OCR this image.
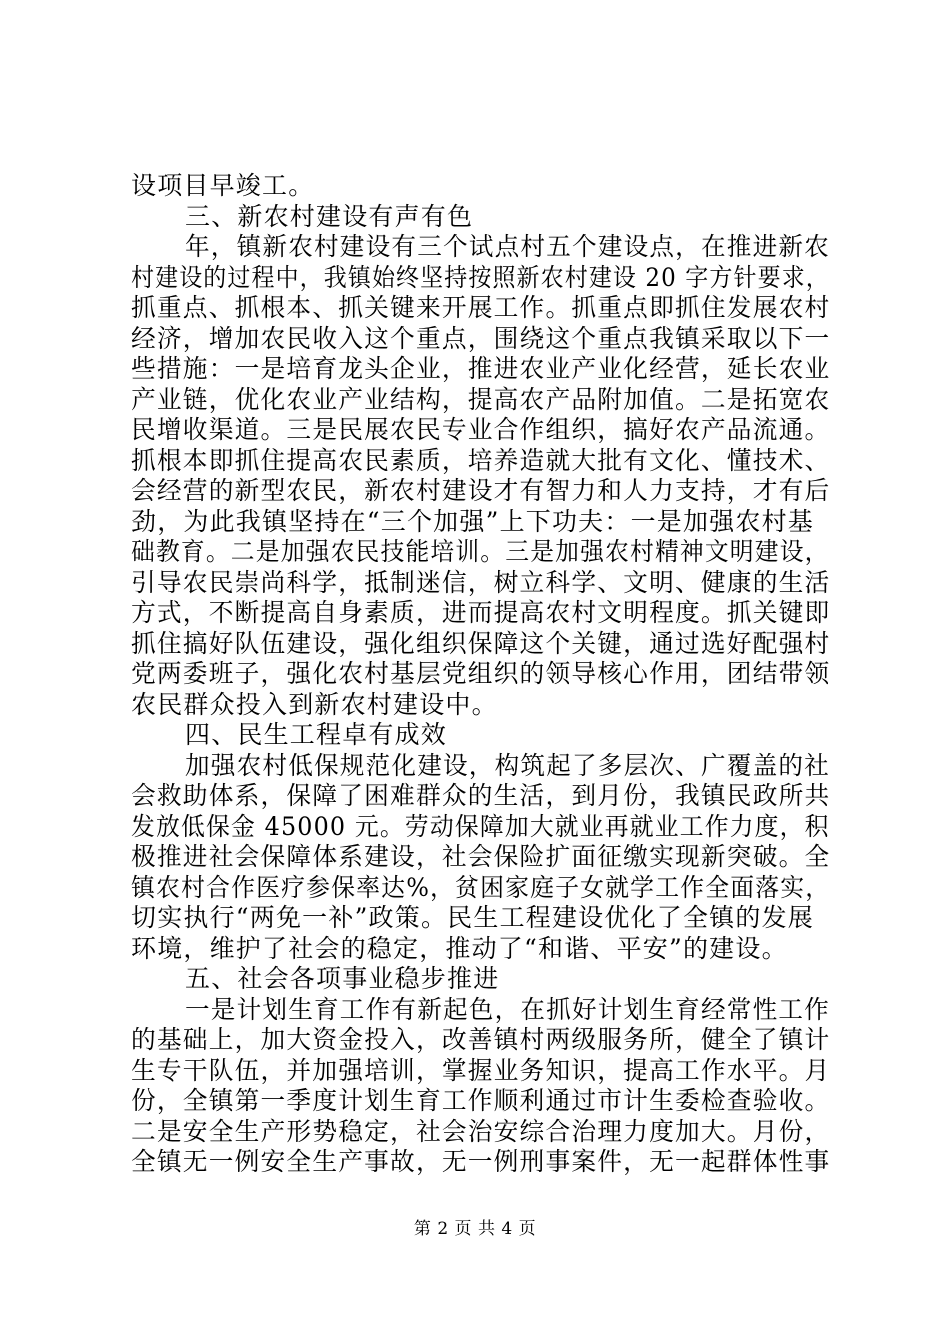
设项目早竣工。
三、新农村建设有声有色
年，镇新农村建设有三个试点村五个建设点，在推进新农
村建设的过程中，我镇始终坚持按照新农村建设 20 字方针要求，
抓重点、抓根本、抓关键来开展工作。抓重点即抓住发展农村
经济，增加农民收入这个重点，围绕这个重点我镇采取以下一
些措施：一是培育龙头企业，推进农业产业化经营，延长农业
产业链，优化农业产业结构，提高农产品附加值。二是拓宽农
民增收渠道。三是民展农民专业合作组织，搞好农产品流通。
抓根本即抓住提高农民素质，培养造就大批有文化、懂技术、
会经营的新型农民，新农村建设才有智力和人力支持，才有后
劲，为此我镇坚持在“三个加强”上下功夫：一是加强农村基
础教育。二是加强农民技能培训。三是加强农村精神文明建设，
引导农民崇尚科学，抵制迷信，树立科学、文明、健康的生活
方式，不断提高自身素质，进而提高农村文明程度。抓关键即
抓住搞好队伍建设，强化组织保障这个关键，通过选好配强村
党两委班子，强化农村基层党组织的领导核心作用，团结带领
农民群众投入到新农村建设中。
四、民生工程卓有成效
加强农村低保规范化建设，构筑起了多层次、广覆盖的社
会救助体系，保障了困难群众的生活，到月份，我镇民政所共
发放低保金 45000 元。劳动保障加大就业再就业工作力度，积
极推进社会保障体系建设，社会保险扩面征缴实现新突破。全
镇农村合作医疗参保率达%，贫困家庭子女就学工作全面落实，
切实执行“两免一补”政策。民生工程建设优化了全镇的发展
环境，维护了社会的稳定，推动了“和谐、平安”的建设。
五、社会各项事业稳步推进
一是计划生育工作有新起色，在抓好计划生育经常性工作
的基础上，加大资金投入，改善镇村两级服务所，健全了镇计
生专干队伍，并加强培训，掌握业务知识，提高工作水平。月
份，全镇第一季度计划生育工作顺利通过市计生委检查验收。
二是安全生产形势稳定，社会治安综合治理力度加大。月份，
全镇无一例安全生产事故，无一例刑事案件，无一起群体性事
第 2 页 共 4 页
